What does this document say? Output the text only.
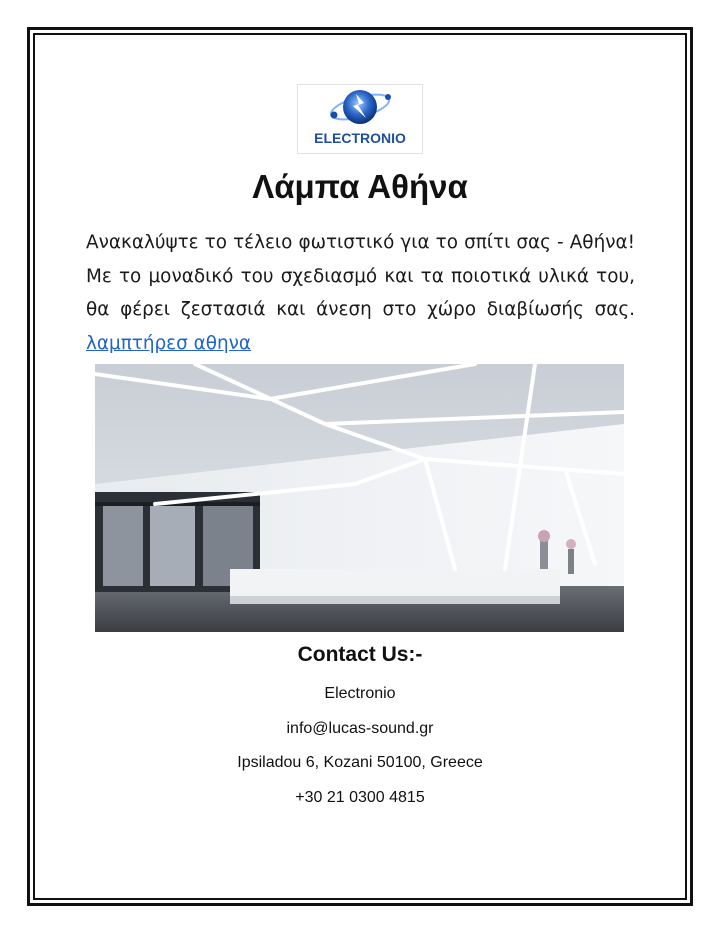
ELECTRONIO
Λάμπα Αθήνα
Ανακαλύψτε το τέλειο φωτιστικό για το σπίτι σας - Αθήνα! Με το μοναδικό του σχεδιασμό και τα ποιοτικά υλικά του, θα φέρει ζεστασιά και άνεση στο χώρο διαβίωσής σας. λαμπτήρεσ αθηνα
Contact Us:-
Electronio
info@lucas-sound.gr
Ipsiladou 6, Kozani 50100, Greece
+30 21 0300 4815
